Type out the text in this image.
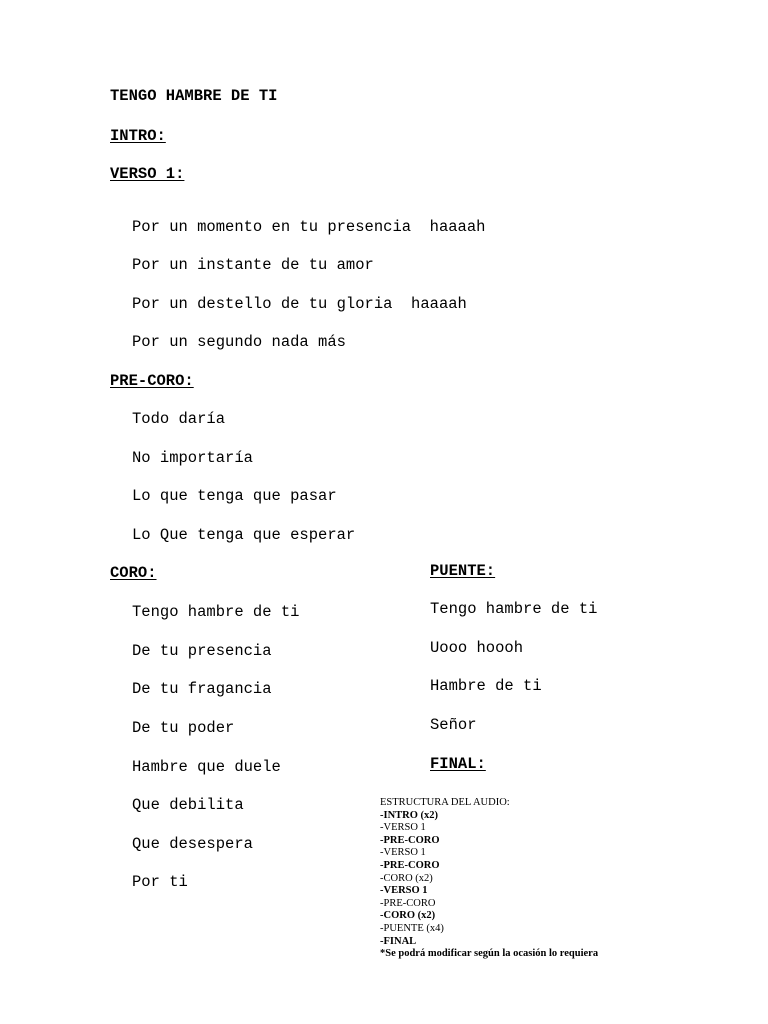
TENGO HAMBRE DE TI
INTRO:
VERSO 1:
Por un momento en tu presencia  haaaah
Por un instante de tu amor
Por un destello de tu gloria  haaaah
Por un segundo nada más
PRE-CORO:
Todo daría
No importaría
Lo que tenga que pasar
Lo Que tenga que esperar
CORO:
Tengo hambre de ti
De tu presencia
De tu fragancia
De tu poder
Hambre que duele
Que debilita
Que desespera
Por ti
PUENTE:
Tengo hambre de ti
Uooo hoooh
Hambre de ti
Señor
FINAL:
ESTRUCTURA DEL AUDIO:
-INTRO (x2)
-VERSO 1
-PRE-CORO
-VERSO 1
-PRE-CORO
-CORO (x2)
-VERSO 1
-PRE-CORO
-CORO (x2)
-PUENTE (x4)
-FINAL
*Se podrá modificar según la ocasión lo requiera
